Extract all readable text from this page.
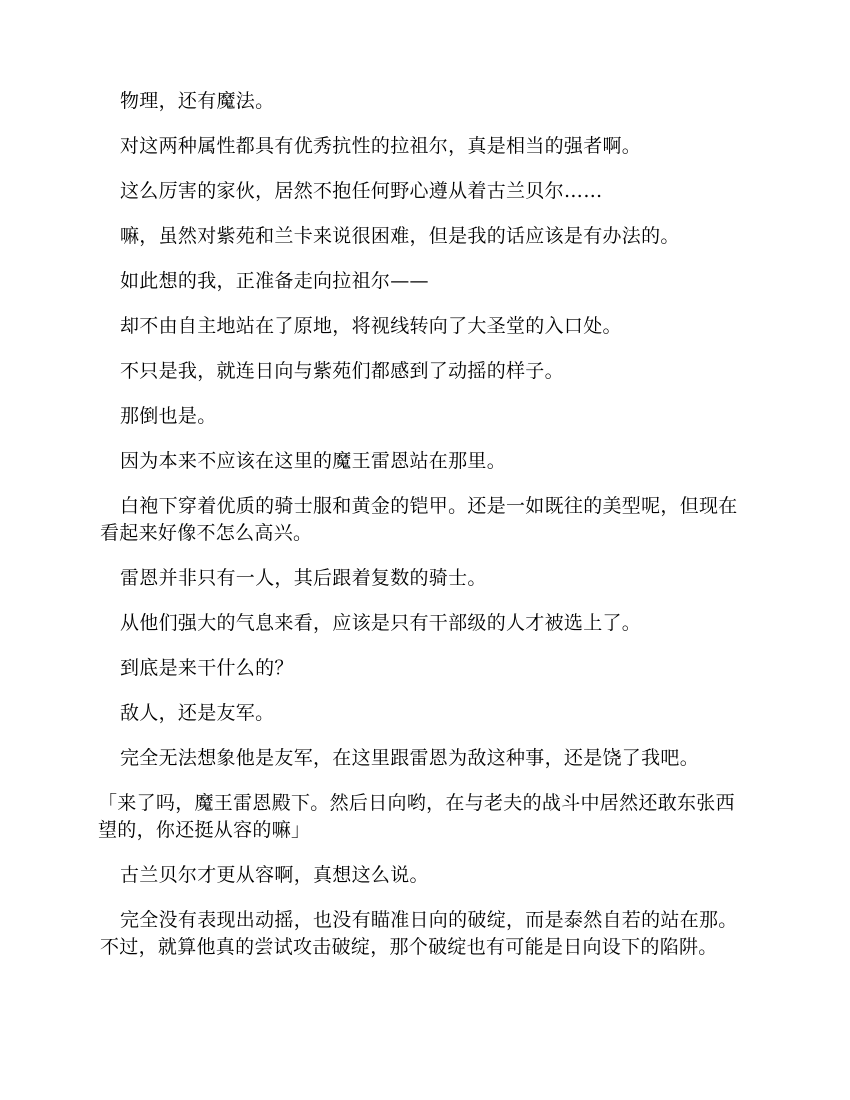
物理，还有魔法。

对这两种属性都具有优秀抗性的拉祖尔，真是相当的强者啊。

这么厉害的家伙，居然不抱任何野心遵从着古兰贝尔……

嘛，虽然对紫苑和兰卡来说很困难，但是我的话应该是有办法的。

如此想的我，正准备走向拉祖尔——

却不由自主地站在了原地，将视线转向了大圣堂的入口处。

不只是我，就连日向与紫苑们都感到了动摇的样子。

那倒也是。

因为本来不应该在这里的魔王雷恩站在那里。

白袍下穿着优质的骑士服和黄金的铠甲。还是一如既往的美型呢，但现在看起来好像不怎么高兴。

雷恩并非只有一人，其后跟着复数的骑士。

从他们强大的气息来看，应该是只有干部级的人才被选上了。

到底是来干什么的？

敌人，还是友军。

完全无法想象他是友军，在这里跟雷恩为敌这种事，还是饶了我吧。

「来了吗，魔王雷恩殿下。然后日向哟，在与老夫的战斗中居然还敢东张西望的，你还挺从容的嘛」

古兰贝尔才更从容啊，真想这么说。

完全没有表现出动摇，也没有瞄准日向的破绽，而是泰然自若的站在那。不过，就算他真的尝试攻击破绽，那个破绽也有可能是日向设下的陷阱。
